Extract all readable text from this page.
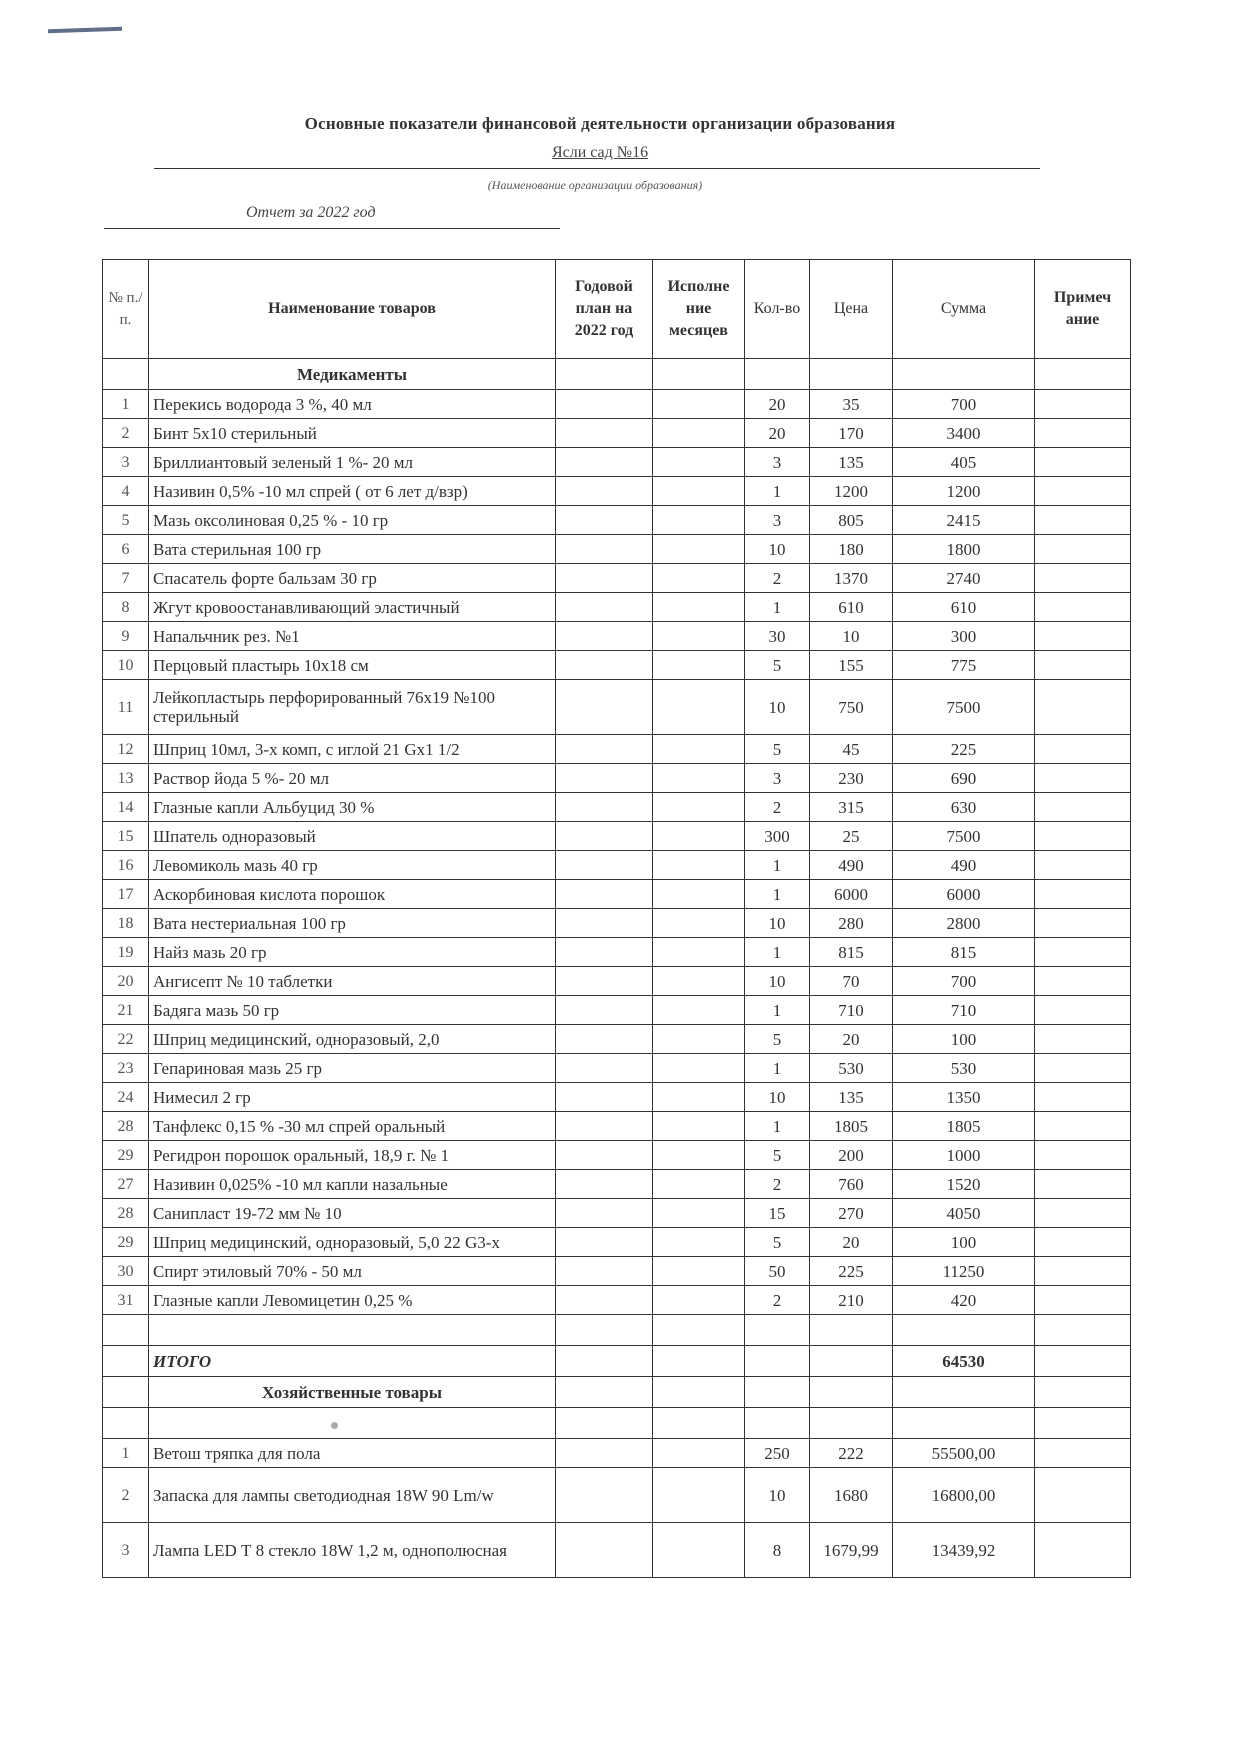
Основные показатели финансовой деятельности организации образования
Ясли сад №16
(Наименование организации образования)
Отчет за 2022 год
№ п./п.	Наименование товаров	Годовой план на 2022 год	Исполне ние месяцев	Кол-во	Цена	Сумма	Примеч ание
	Медикаменты						
1	Перекись водорода 3 %, 40 мл			20	35	700	
2	Бинт 5х10 стерильный			20	170	3400	
3	Бриллиантовый зеленый 1 %- 20 мл			3	135	405	
4	Називин 0,5% -10 мл спрей ( от 6 лет д/взр)			1	1200	1200	
5	Мазь оксолиновая 0,25 % - 10 гр			3	805	2415	
6	Вата стерильная 100 гр			10	180	1800	
7	Спасатель форте бальзам 30 гр			2	1370	2740	
8	Жгут кровоостанавливающий эластичный			1	610	610	
9	Напальчник рез. №1			30	10	300	
10	Перцовый пластырь 10х18 см			5	155	775	
11	Лейкопластырь перфорированный 76х19 №100 стерильный			10	750	7500	
12	Шприц 10мл, 3-х комп, с иглой 21 Gx1 1/2			5	45	225	
13	Раствор йода 5 %- 20 мл			3	230	690	
14	Глазные капли Альбуцид 30 %			2	315	630	
15	Шпатель одноразовый			300	25	7500	
16	Левомиколь мазь 40 гр			1	490	490	
17	Аскорбиновая кислота порошок			1	6000	6000	
18	Вата нестериальная 100 гр			10	280	2800	
19	Найз мазь 20 гр			1	815	815	
20	Ангисепт № 10 таблетки			10	70	700	
21	Бадяга мазь 50 гр			1	710	710	
22	Шприц медицинский, одноразовый, 2,0			5	20	100	
23	Гепариновая мазь 25 гр			1	530	530	
24	Нимесил 2 гр			10	135	1350	
28	Танфлекс 0,15 % -30 мл спрей оральный			1	1805	1805	
29	Регидрон порошок оральный, 18,9 г. № 1			5	200	1000	
27	Називин 0,025% -10 мл капли назальные			2	760	1520	
28	Санипласт 19-72 мм № 10			15	270	4050	
29	Шприц медицинский, одноразовый, 5,0 22 G3-х			5	20	100	
30	Спирт этиловый 70% - 50 мл			50	225	11250	
31	Глазные капли Левомицетин 0,25 %			2	210	420	

	ИТОГО					64530	
	Хозяйственные товары						

1	Ветош тряпка для пола			250	222	55500,00	
2	Запаска для лампы светодиодная 18W 90 Lm/w			10	1680	16800,00	
3	Лампа LED Т 8 стекло 18W 1,2 м, однополюсная			8	1679,99	13439,92	
